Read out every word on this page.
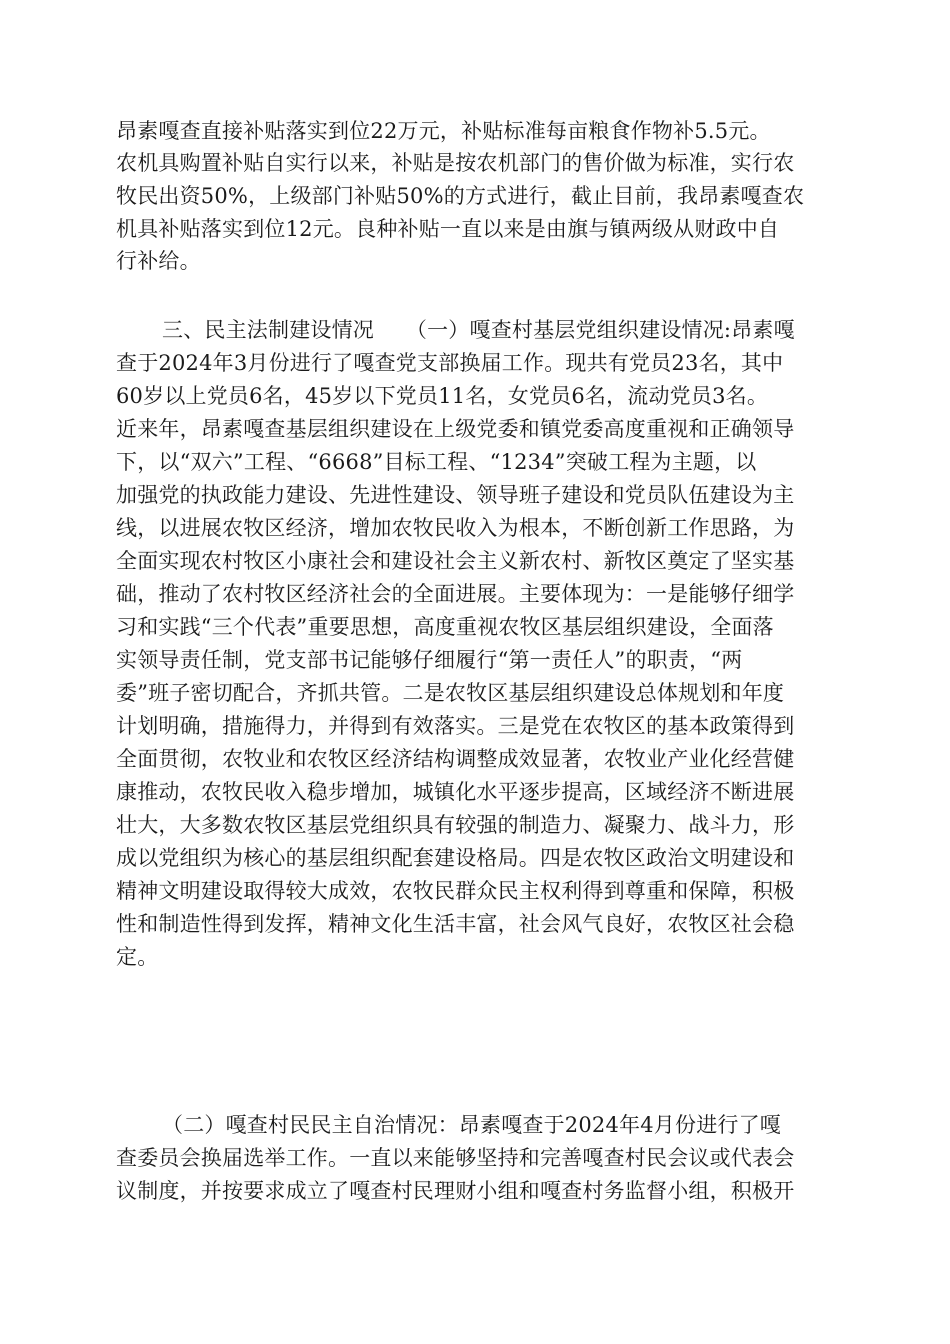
昂素嘎查直接补贴落实到位22万元，补贴标准每亩粮食作物补5.5元。
农机具购置补贴自实行以来，补贴是按农机部门的售价做为标准，实行农
牧民出资50%，上级部门补贴50%的方式进行，截止目前，我昂素嘎查农
机具补贴落实到位12元。良种补贴一直以来是由旗与镇两级从财政中自
行补给。
三、民主法制建设情况　　（一）嘎查村基层党组织建设情况:昂素嘎
查于2024年3月份进行了嘎查党支部换届工作。现共有党员23名，其中
60岁以上党员6名，45岁以下党员11名，女党员6名，流动党员3名。
近来年，昂素嘎查基层组织建设在上级党委和镇党委高度重视和正确领导
下，以“双六”工程、“6668”目标工程、“1234”突破工程为主题，以
加强党的执政能力建设、先进性建设、领导班子建设和党员队伍建设为主
线，以进展农牧区经济，增加农牧民收入为根本，不断创新工作思路，为
全面实现农村牧区小康社会和建设社会主义新农村、新牧区奠定了坚实基
础，推动了农村牧区经济社会的全面进展。主要体现为：一是能够仔细学
习和实践“三个代表”重要思想，高度重视农牧区基层组织建设，全面落
实领导责任制，党支部书记能够仔细履行“第一责任人”的职责，“两
委”班子密切配合，齐抓共管。二是农牧区基层组织建设总体规划和年度
计划明确，措施得力，并得到有效落实。三是党在农牧区的基本政策得到
全面贯彻，农牧业和农牧区经济结构调整成效显著，农牧业产业化经营健
康推动，农牧民收入稳步增加，城镇化水平逐步提高，区域经济不断进展
壮大，大多数农牧区基层党组织具有较强的制造力、凝聚力、战斗力，形
成以党组织为核心的基层组织配套建设格局。四是农牧区政治文明建设和
精神文明建设取得较大成效，农牧民群众民主权利得到尊重和保障，积极
性和制造性得到发挥，精神文化生活丰富，社会风气良好，农牧区社会稳
定。
（二）嘎查村民民主自治情况：昂素嘎查于2024年4月份进行了嘎
查委员会换届选举工作。一直以来能够坚持和完善嘎查村民会议或代表会
议制度，并按要求成立了嘎查村民理财小组和嘎查村务监督小组，积极开
